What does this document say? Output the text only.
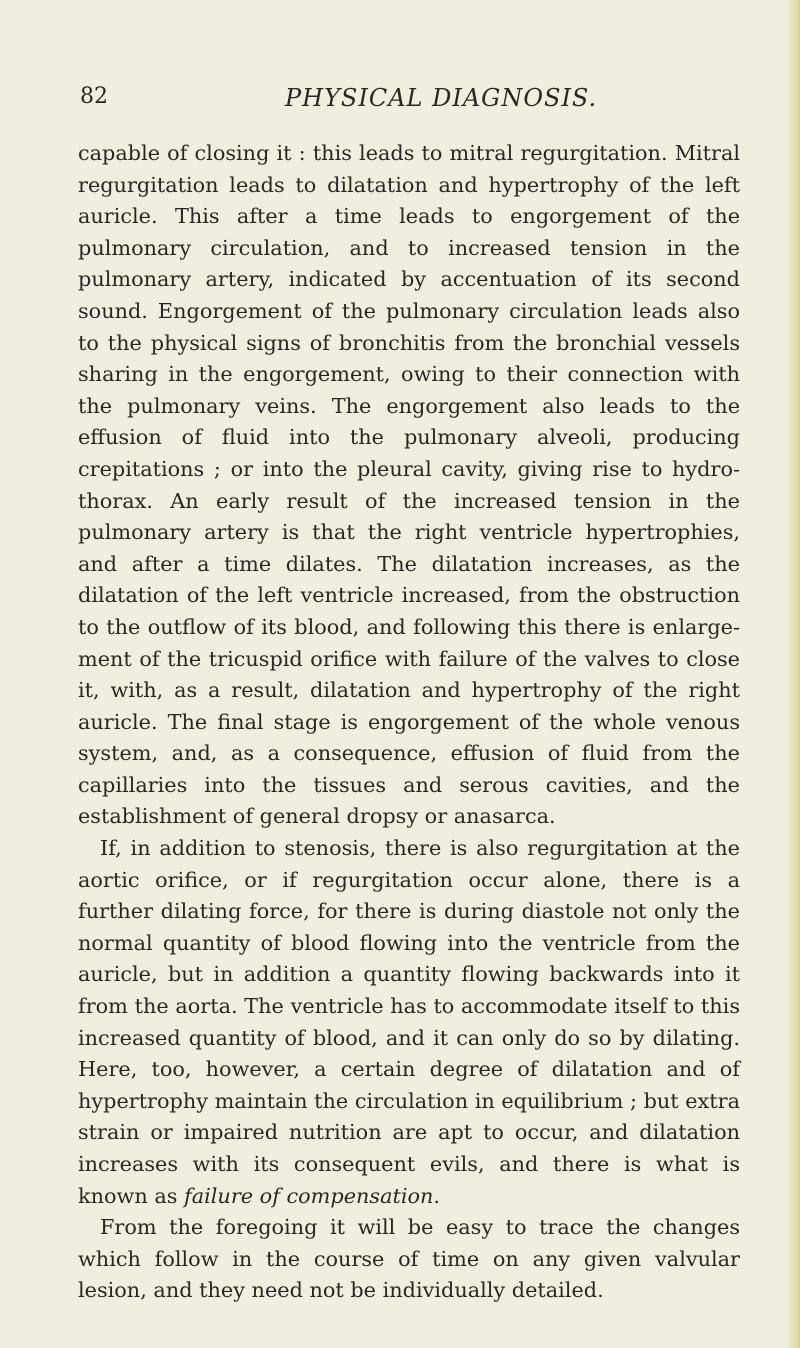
82	PHYSICAL DIAGNOSIS.

capable of closing it : this leads to mitral regurgitation. Mitral regurgitation leads to dilatation and hypertrophy of the left auricle. This after a time leads to engorgement of the pulmonary circulation, and to increased tension in the pulmonary artery, indicated by accentuation of its second sound. Engorgement of the pulmonary circulation leads also to the physical signs of bronchitis from the bronchial vessels sharing in the engorgement, owing to their connection with the pulmonary veins. The engorgement also leads to the effusion of fluid into the pulmonary alveoli, producing crepitations ; or into the pleural cavity, giving rise to hydrothorax. An early result of the increased tension in the pulmonary artery is that the right ventricle hypertrophies, and after a time dilates. The dilatation increases, as the dilatation of the left ventricle increased, from the obstruction to the outflow of its blood, and following this there is enlargement of the tricuspid orifice with failure of the valves to close it, with, as a result, dilatation and hypertrophy of the right auricle. The final stage is engorgement of the whole venous system, and, as a consequence, effusion of fluid from the capillaries into the tissues and serous cavities, and the establishment of general dropsy or anasarca.

If, in addition to stenosis, there is also regurgitation at the aortic orifice, or if regurgitation occur alone, there is a further dilating force, for there is during diastole not only the normal quantity of blood flowing into the ventricle from the auricle, but in addition a quantity flowing backwards into it from the aorta. The ventricle has to accommodate itself to this increased quantity of blood, and it can only do so by dilating. Here, too, however, a certain degree of dilatation and of hypertrophy maintain the circulation in equilibrium ; but extra strain or impaired nutrition are apt to occur, and dilatation increases with its consequent evils, and there is what is known as failure of compensation.

From the foregoing it will be easy to trace the changes which follow in the course of time on any given valvular lesion, and they need not be individually detailed.
